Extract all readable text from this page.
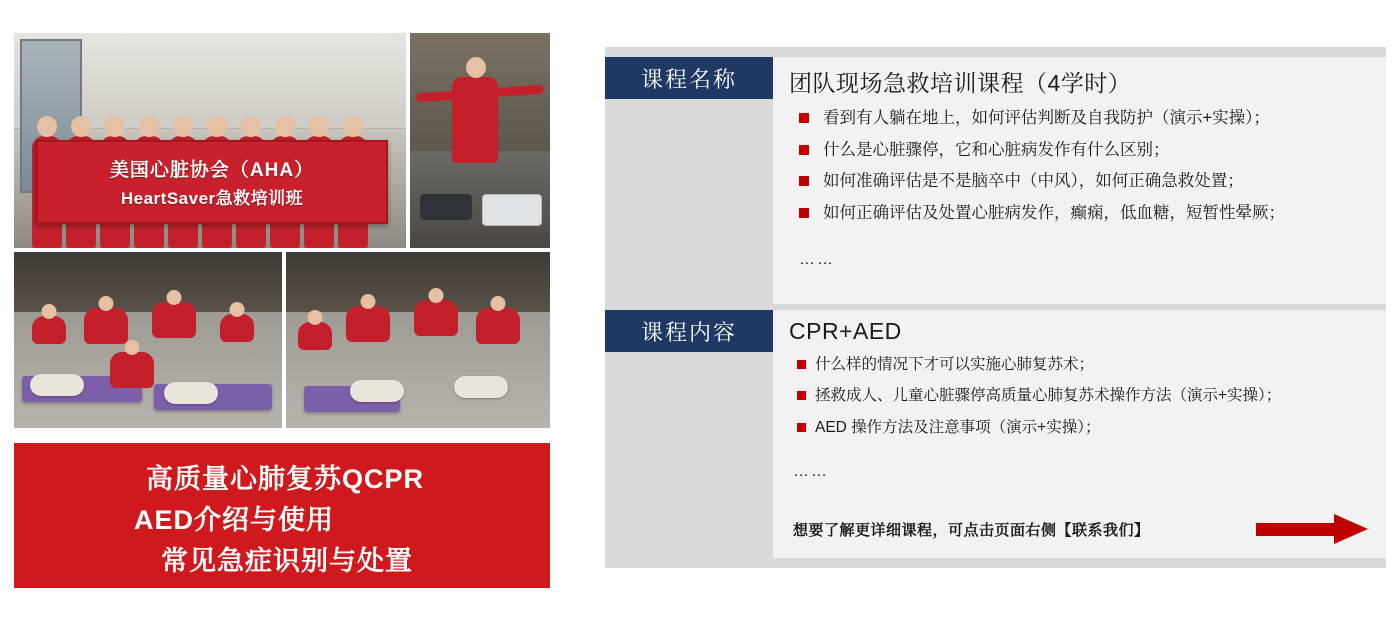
美国心脏协会（AHA）
HeartSaver急救培训班
高质量心肺复苏QCPR
AED介绍与使用
常见急症识别与处置
课程名称	团队现场急救培训课程（4学时）
看到有人躺在地上，如何评估判断及自我防护（演示+实操）；
什么是心脏骤停，它和心脏病发作有什么区别；
如何准确评估是不是脑卒中（中风），如何正确急救处置；
如何正确评估及处置心脏病发作，癫痫，低血糖，短暂性晕厥；
……
课程内容	CPR+AED
什么样的情况下才可以实施心肺复苏术；
拯救成人、儿童心脏骤停高质量心肺复苏术操作方法（演示+实操）；
AED 操作方法及注意事项（演示+实操）；
……
想要了解更详细课程，可点击页面右侧【联系我们】
